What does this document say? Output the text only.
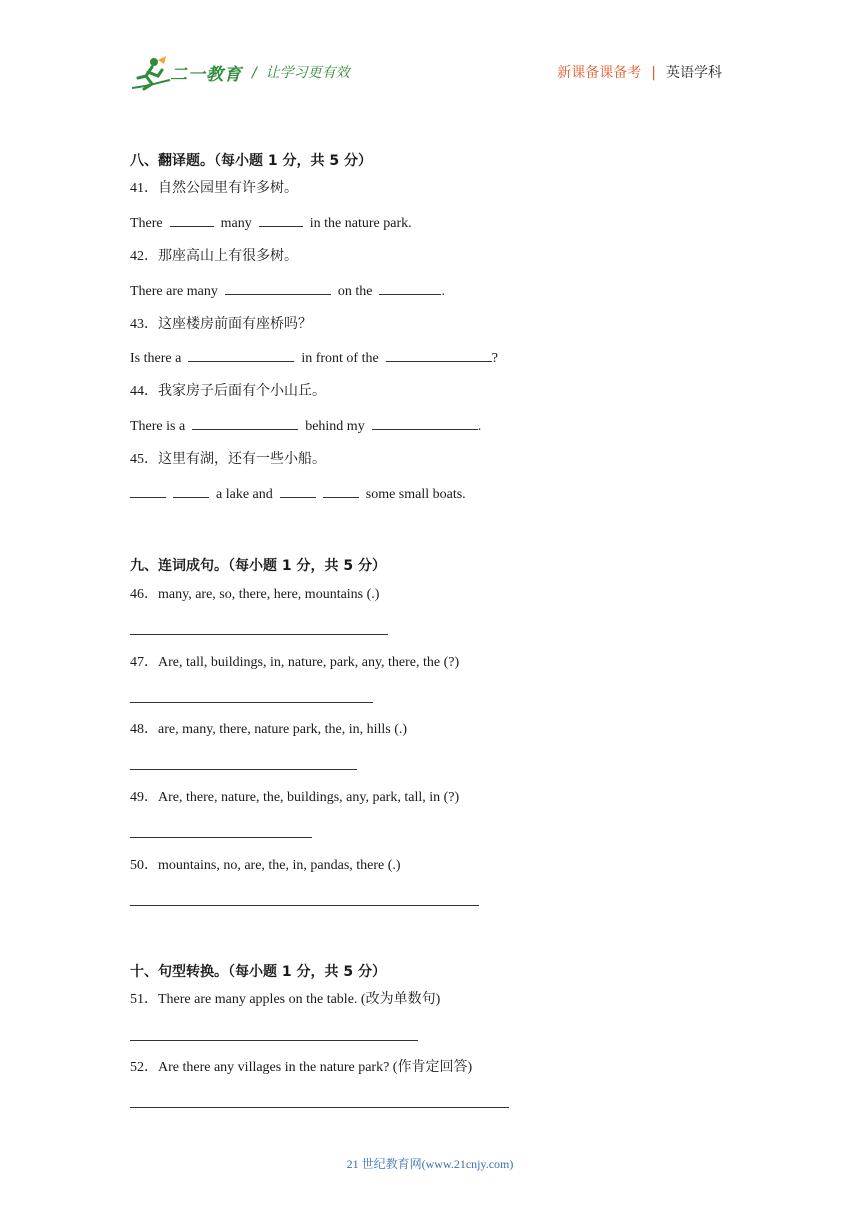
二一教育 /  让学习更有效	新课备课备考 | 英语学科
八、翻译题。（每小题 1 分，共 5 分）
41．自然公园里有许多树。
There	many	in the nature park.
42．那座高山上有很多树。
There are many	on the	.
43．这座楼房前面有座桥吗？
Is there a	in front of the	?
44．我家房子后面有个小山丘。
There is a	behind my	.
45．这里有湖，还有一些小船。
a lake and	some small boats.
九、连词成句。（每小题 1 分，共 5 分）
46．many, are, so, there, here, mountains (.)
47．Are, tall, buildings, in, nature, park, any, there, the (?)
48．are, many, there, nature park, the, in, hills (.)
49．Are, there, nature, the, buildings, any, park, tall, in (?)
50．mountains, no, are, the, in, pandas, there (.)
十、句型转换。（每小题 1 分，共 5 分）
51．There are many apples on the table. (改为单数句)
52．Are there any villages in the nature park? (作肯定回答)
21 世纪教育网(www.21cnjy.com)
